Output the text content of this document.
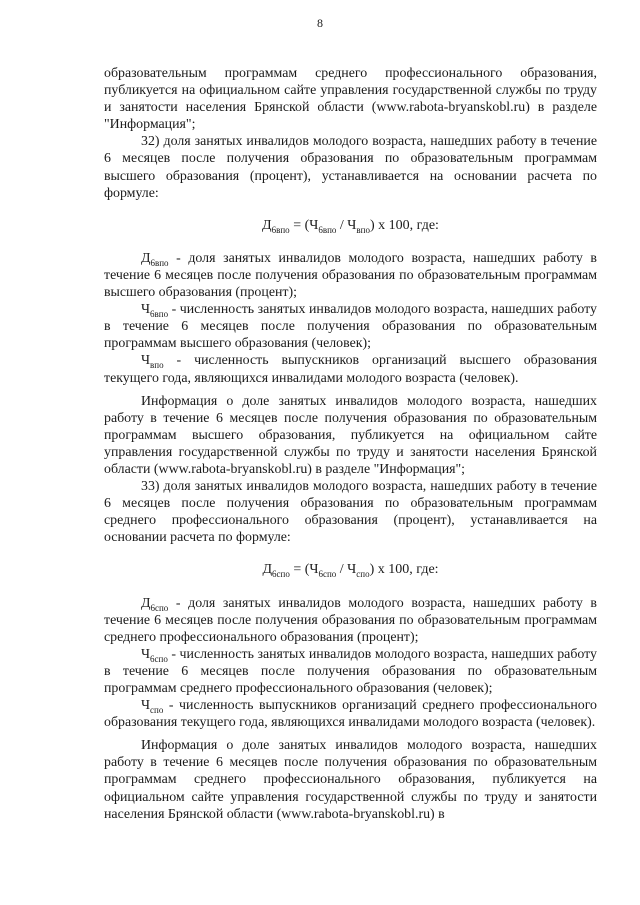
8

образовательным программам среднего профессионального образования, публикуется на официальном сайте управления государственной службы по труду и занятости населения Брянской области (www.rabota-bryanskobl.ru) в разделе "Информация";

32) доля занятых инвалидов молодого возраста, нашедших работу в течение 6 месяцев после получения образования по образовательным программам высшего образования (процент), устанавливается на основании расчета по формуле:

$Д_{6впо} = (Ч_{6впо} / Ч_{впо})$ х 100, где:

$Д_{6впо}$ - доля занятых инвалидов молодого возраста, нашедших работу в течение 6 месяцев после получения образования по образовательным программам высшего образования (процент);

$Ч_{6впо}$ - численность занятых инвалидов молодого возраста, нашедших работу в течение 6 месяцев после получения образования по образовательным программам высшего образования (человек);

$Ч_{впо}$ - численность выпускников организаций высшего образования текущего года, являющихся инвалидами молодого возраста (человек).

Информация о доле занятых инвалидов молодого возраста, нашедших работу в течение 6 месяцев после получения образования по образовательным программам высшего образования, публикуется на официальном сайте управления государственной службы по труду и занятости населения Брянской области (www.rabota-bryanskobl.ru) в разделе "Информация";

33) доля занятых инвалидов молодого возраста, нашедших работу в течение 6 месяцев после получения образования по образовательным программам среднего профессионального образования (процент), устанавливается на основании расчета по формуле:

$Д_{6спо} = (Ч_{6спо} / Ч_{спо})$ х 100, где:

$Д_{6спо}$ - доля занятых инвалидов молодого возраста, нашедших работу в течение 6 месяцев после получения образования по образовательным программам среднего профессионального образования (процент);

$Ч_{6спо}$ - численность занятых инвалидов молодого возраста, нашедших работу в течение 6 месяцев после получения образования по образовательным программам среднего профессионального образования (человек);

$Ч_{спо}$ - численность выпускников организаций среднего профессионального образования текущего года, являющихся инвалидами молодого возраста (человек).

Информация о доле занятых инвалидов молодого возраста, нашедших работу в течение 6 месяцев после получения образования по образовательным программам среднего профессионального образования, публикуется на официальном сайте управления государственной службы по труду и занятости населения Брянской области (www.rabota-bryanskobl.ru) в
